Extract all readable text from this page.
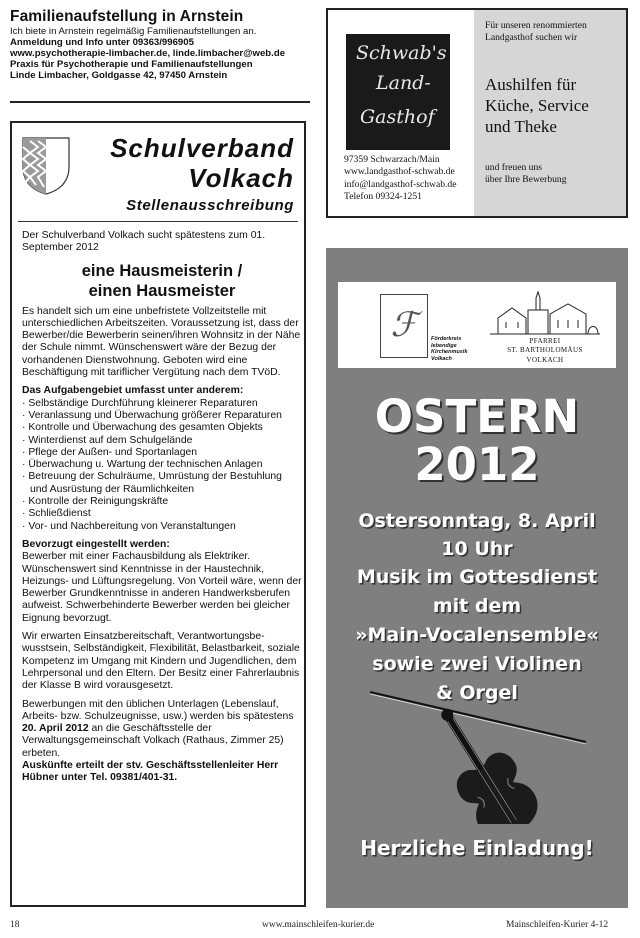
Familienaufstellung in Arnstein
Ich biete in Arnstein regelmäßig Familienaufstellungen an.
Anmeldung und Info unter 09363/996905
www.psychotherapie-limbacher.de, linde.limbacher@web.de
Praxis für Psychotherapie und Familienaufstellungen
Linde Limbacher, Goldgasse 42, 97450 Arnstein
Schulverband
Volkach
Stellenausschreibung

Der Schulverband Volkach sucht spätestens zum 01. September 2012

eine Hausmeisterin /
einen Hausmeister

Es handelt sich um eine unbefristete Vollzeitstelle mit unterschiedlichen Arbeitszeiten. Voraussetzung ist, dass der Bewerber/die Bewerberin seinen/ihren Wohnsitz in der Nähe der Schule nimmt. Wünschenswert wäre der Bezug der vorhandenen Dienstwohnung. Geboten wird eine Beschäftigung mit tariflicher Vergütung nach dem TVöD.

Das Aufgabengebiet umfasst unter anderem:
· Selbständige Durchführung kleinerer Reparaturen
· Veranlassung und Überwachung größerer Reparaturen
· Kontrolle und Überwachung des gesamten Objekts
· Winterdienst auf dem Schulgelände
· Pflege der Außen- und Sportanlagen
· Überwachung u. Wartung der technischen Anlagen
· Betreuung der Schulräume, Umrüstung der Bestuhlung und Ausrüstung der Räumlichkeiten
· Kontrolle der Reinigungskräfte
· Schließdienst
· Vor- und Nachbereitung von Veranstaltungen
Bevorzugt eingestellt werden:

Bewerber mit einer Fachausbildung als Elektriker. Wünschenswert sind Kenntnisse in der Haustechnik, Heizungs- und Lüftungsregelung. Von Vorteil wäre, wenn der Bewerber Grundkenntnisse in anderen Handwerksberufen aufweist. Schwerbehinderte Bewerber werden bei gleicher Eignung bevorzugt.

Wir erwarten Einsatzbereitschaft, Verantwortungsbewusstsein, Selbständigkeit, Flexibilität, Belastbarkeit, soziale Kompetenz im Umgang mit Kindern und Jugendlichen, dem Lehrpersonal und den Eltern. Der Besitz einer Fahrerlaubnis der Klasse B wird vorausgesetzt.

Bewerbungen mit den üblichen Unterlagen (Lebenslauf, Arbeits- bzw. Schulzeugnisse, usw.) werden bis spätestens 20. April 2012 an die Geschäftsstelle der Verwaltungsgemeinschaft Volkach (Rathaus, Zimmer 25) erbeten.
Auskünfte erteilt der stv. Geschäftsstellenleiter Herr Hübner unter Tel. 09381/401-31.

Schwab's
Land-
Gasthof
97359 Schwarzach/Main
www.landgasthof-schwab.de
info@landgasthof-schwab.de
Telefon 09324-1251
Für unseren renommierten
Landgasthof suchen wir
Aushilfen für
Küche, Service
und Theke
und freuen uns
über Ihre Bewerbung
ℱ	Förderkreis
lebendige
Kirchenmusik
Volkach
PFARREI
ST. BARTHOLOMÄUS
VOLKACH
OSTERN
2012
Ostersonntag, 8. April
10 Uhr
Musik im Gottesdienst
mit dem
»Main-Vocalensemble«
sowie zwei Violinen
& Orgel
Herzliche Einladung!
18	www.mainschleifen-kurier.de	Mainschleifen-Kurier 4-12
